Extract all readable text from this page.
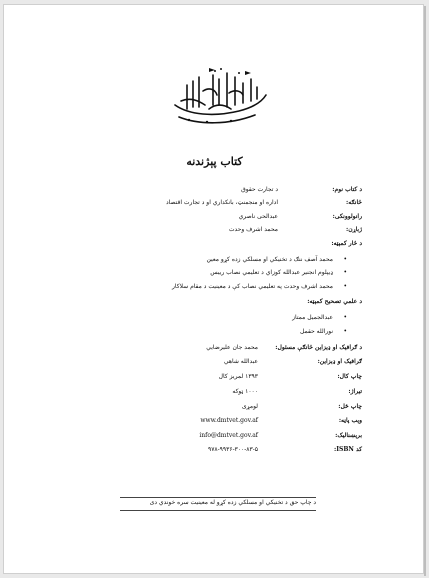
کتاب پېژندنه
د کتاب نوم:
د تجارت حقوق
څانګه:
اداره او منجمنټ، بانکداري او د تجارت اقتصاد
رانولوونکی:
عبدالحی ناصري
ژباړن:
محمد اشرف وحدت
د څار کمېټه:
•
محمد آصف ننګ د تخنیکي او مسلکي زده کړو معین
•
ډیپلوم انجنیر عبدالله کوزاي د تعلیمي نصاب رییس
•
محمد اشرف وحدت په تعلیمي نصاب کې د معینیت د مقام سلاکار
د علمي تصحیح کمېټه:
•
عبدالجمیل ممتاز
•
نورالله حقمل
د ګرافیک او ډیزاین څانګې مسئول:
محمد جان علیرضایي
ګرافیک او ډیزاین:
عبدالله شاهي
چاپ کال:
۱۳۹۳ لمریز کال
تیراژ:
۱۰۰۰ ټوکه
چاپ ځل:
لومړی
وېب پاڼه:
www.dmtvet.gov.af
برېښنالیک:
info@dmtvet.gov.af
کد ISBN:
۹۷۸-۹۹۳۶-۳۰۰-۸۳-۵
د چاپ حق د تخنیکي او مسلکي زده کړو له معینیت سره خوندي دی
